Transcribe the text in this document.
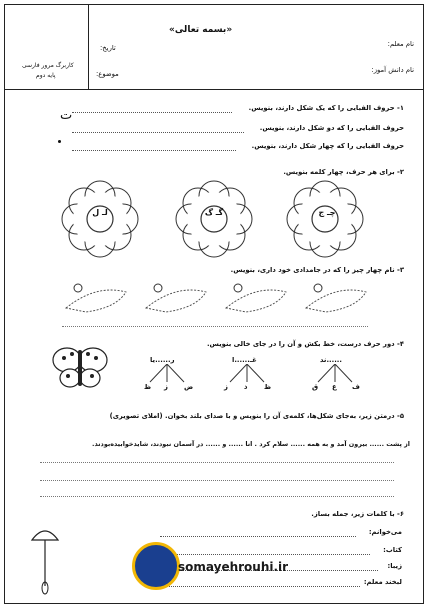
«بسمه تعالی»
نام معلم:
نام دانش آموز:
تاریخ:
موضوع:
کاربرگ مرور فارسی
پایه دوم
۱- حروف الفبایی را که یک شکل دارند، بنویس.
حروف الفبایی را که دو شکل دارند، بنویس.
حروف الفبایی را که چهار شکل دارند، بنویس.
ت
۲- برای هر حرف، چهار کلمه بنویس.
چـ ج
گـ گ
لـ ل
۳- نام چهار چیز را که در جامدادی خود داری، بنویس.
۴- دور حرف درست، خط بکش و آن را در جای خالی بنویس.
......ند
ق ع ف
غـ......ا
ز ذ ظ
ر......یا
ظ ز ض
۵- درمتن زیر، به‌جای شکل‌ها، کلمه‌ی آن را بنویس و با صدای بلند بخوان. (املای تصویری)
از پشت ...... بیرون آمد و به همه ...... سلام کرد . انا ...... و ...... در آسمان نبودند، شاید‌خوابیده‌بودند.
۶- با کلمات زیر، جمله بساز.
می‌خوانم:
کتاب:
زیبا:
لبخند معلم:
somayehrouhi.ir
